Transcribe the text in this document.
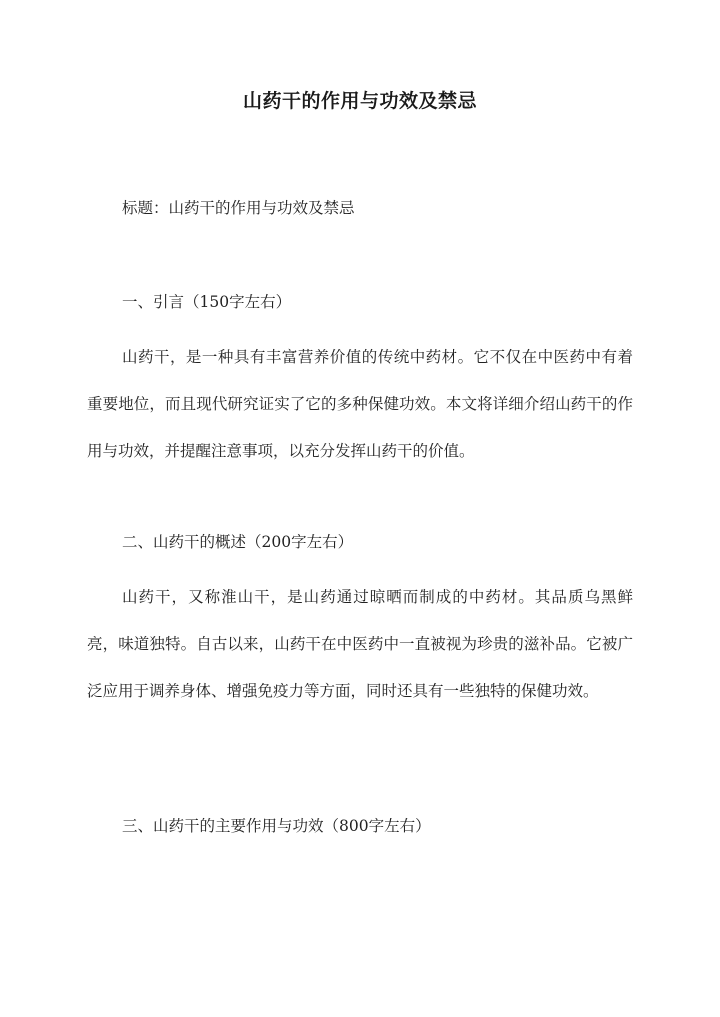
山药干的作用与功效及禁忌
标题：山药干的作用与功效及禁忌
一、引言（150字左右）
山药干，是一种具有丰富营养价值的传统中药材。它不仅在中医药中有着重要地位，而且现代研究证实了它的多种保健功效。本文将详细介绍山药干的作用与功效，并提醒注意事项，以充分发挥山药干的价值。
二、山药干的概述（200字左右）
山药干，又称淮山干，是山药通过晾晒而制成的中药材。其品质乌黑鲜亮，味道独特。自古以来，山药干在中医药中一直被视为珍贵的滋补品。它被广泛应用于调养身体、增强免疫力等方面，同时还具有一些独特的保健功效。
三、山药干的主要作用与功效（800字左右）
